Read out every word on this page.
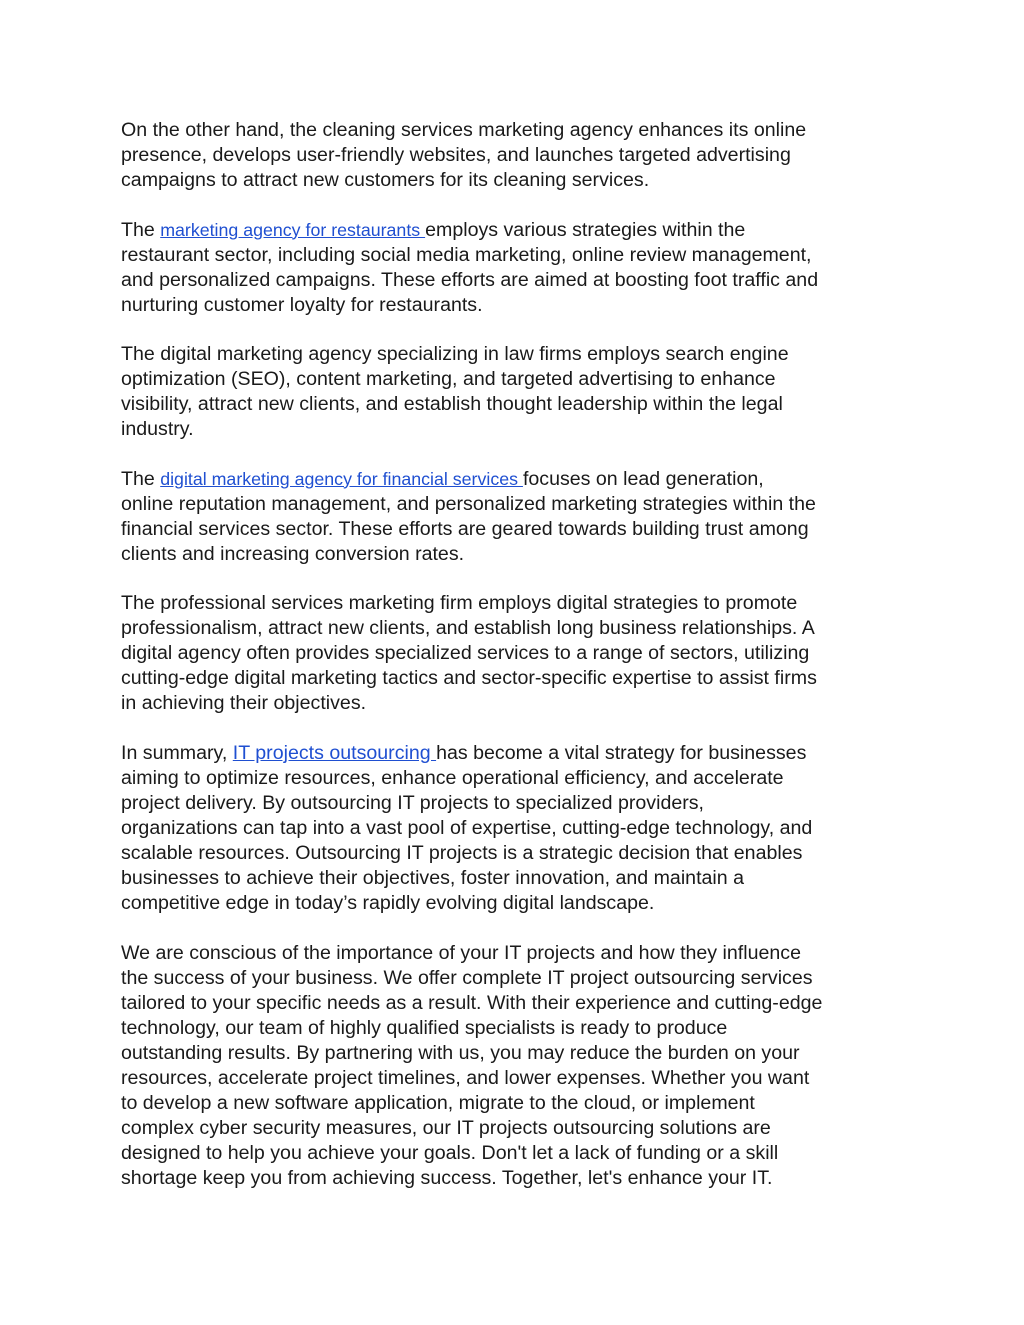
On the other hand, the cleaning services marketing agency enhances its online
presence, develops user-friendly websites, and launches targeted advertising
campaigns to attract new customers for its cleaning services.

The marketing agency for restaurants employs various strategies within the
restaurant sector, including social media marketing, online review management,
and personalized campaigns. These efforts are aimed at boosting foot traffic and
nurturing customer loyalty for restaurants.

The digital marketing agency specializing in law firms employs search engine
optimization (SEO), content marketing, and targeted advertising to enhance
visibility, attract new clients, and establish thought leadership within the legal
industry.

The digital marketing agency for financial services focuses on lead generation,
online reputation management, and personalized marketing strategies within the
financial services sector. These efforts are geared towards building trust among
clients and increasing conversion rates.

The professional services marketing firm employs digital strategies to promote
professionalism, attract new clients, and establish long business relationships. A
digital agency often provides specialized services to a range of sectors, utilizing
cutting-edge digital marketing tactics and sector-specific expertise to assist firms
in achieving their objectives.

In summary, IT projects outsourcing has become a vital strategy for businesses
aiming to optimize resources, enhance operational efficiency, and accelerate
project delivery. By outsourcing IT projects to specialized providers,
organizations can tap into a vast pool of expertise, cutting-edge technology, and
scalable resources. Outsourcing IT projects is a strategic decision that enables
businesses to achieve their objectives, foster innovation, and maintain a
competitive edge in today’s rapidly evolving digital landscape.

We are conscious of the importance of your IT projects and how they influence
the success of your business. We offer complete IT project outsourcing services
tailored to your specific needs as a result. With their experience and cutting-edge
technology, our team of highly qualified specialists is ready to produce
outstanding results. By partnering with us, you may reduce the burden on your
resources, accelerate project timelines, and lower expenses. Whether you want
to develop a new software application, migrate to the cloud, or implement
complex cyber security measures, our IT projects outsourcing solutions are
designed to help you achieve your goals. Don't let a lack of funding or a skill
shortage keep you from achieving success. Together, let's enhance your IT.
